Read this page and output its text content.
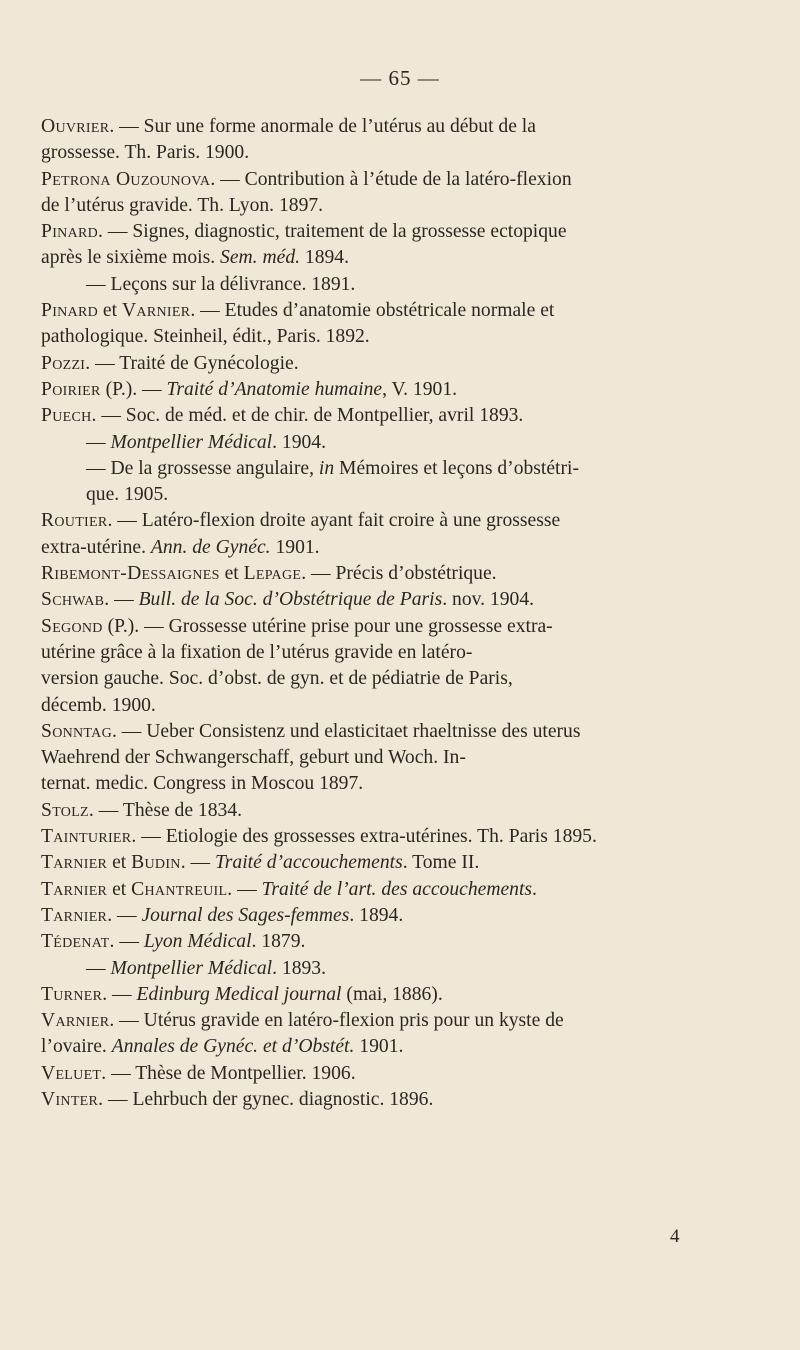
— 65 —
Ouvrier. — Sur une forme anormale de l’utérus au début de la
grossesse. Th. Paris. 1900.
Petrona Ouzounova. — Contribution à l’étude de la latéro-flexion
de l’utérus gravide. Th. Lyon. 1897.
Pinard. — Signes, diagnostic, traitement de la grossesse ectopique
après le sixième mois. Sem. méd. 1894.
— Leçons sur la délivrance. 1891.
Pinard et Varnier. — Etudes d’anatomie obstétricale normale et
pathologique. Steinheil, édit., Paris. 1892.
Pozzi. — Traité de Gynécologie.
Poirier (P.). — Traité d’Anatomie humaine, V. 1901.
Puech. — Soc. de méd. et de chir. de Montpellier, avril 1893.
— Montpellier Médical. 1904.
— De la grossesse angulaire, in Mémoires et leçons d’obstétri-
que. 1905.
Routier. — Latéro-flexion droite ayant fait croire à une grossesse
extra-utérine. Ann. de Gynéc. 1901.
Ribemont-Dessaignes et Lepage. — Précis d’obstétrique.
Schwab. — Bull. de la Soc. d’Obstétrique de Paris. nov. 1904.
Segond (P.). — Grossesse utérine prise pour une grossesse extra-
utérine grâce à la fixation de l’utérus gravide en latéro-
version gauche. Soc. d’obst. de gyn. et de pédiatrie de Paris,
décemb. 1900.
Sonntag. — Ueber Consistenz und elasticitaet rhaeltnisse des uterus
Waehrend der Schwangerschaff, geburt und Woch. In-
ternat. medic. Congress in Moscou 1897.
Stolz. — Thèse de 1834.
Tainturier. — Etiologie des grossesses extra-utérines. Th. Paris 1895.
Tarnier et Budin. — Traité d’accouchements. Tome II.
Tarnier et Chantreuil. — Traité de l’art. des accouchements.
Tarnier. — Journal des Sages-femmes. 1894.
Tédenat. — Lyon Médical. 1879.
— Montpellier Médical. 1893.
Turner. — Edinburg Medical journal (mai, 1886).
Varnier. — Utérus gravide en latéro-flexion pris pour un kyste de
l’ovaire. Annales de Gynéc. et d’Obstét. 1901.
Veluet. — Thèse de Montpellier. 1906.
Vinter. — Lehrbuch der gynec. diagnostic. 1896.
4
